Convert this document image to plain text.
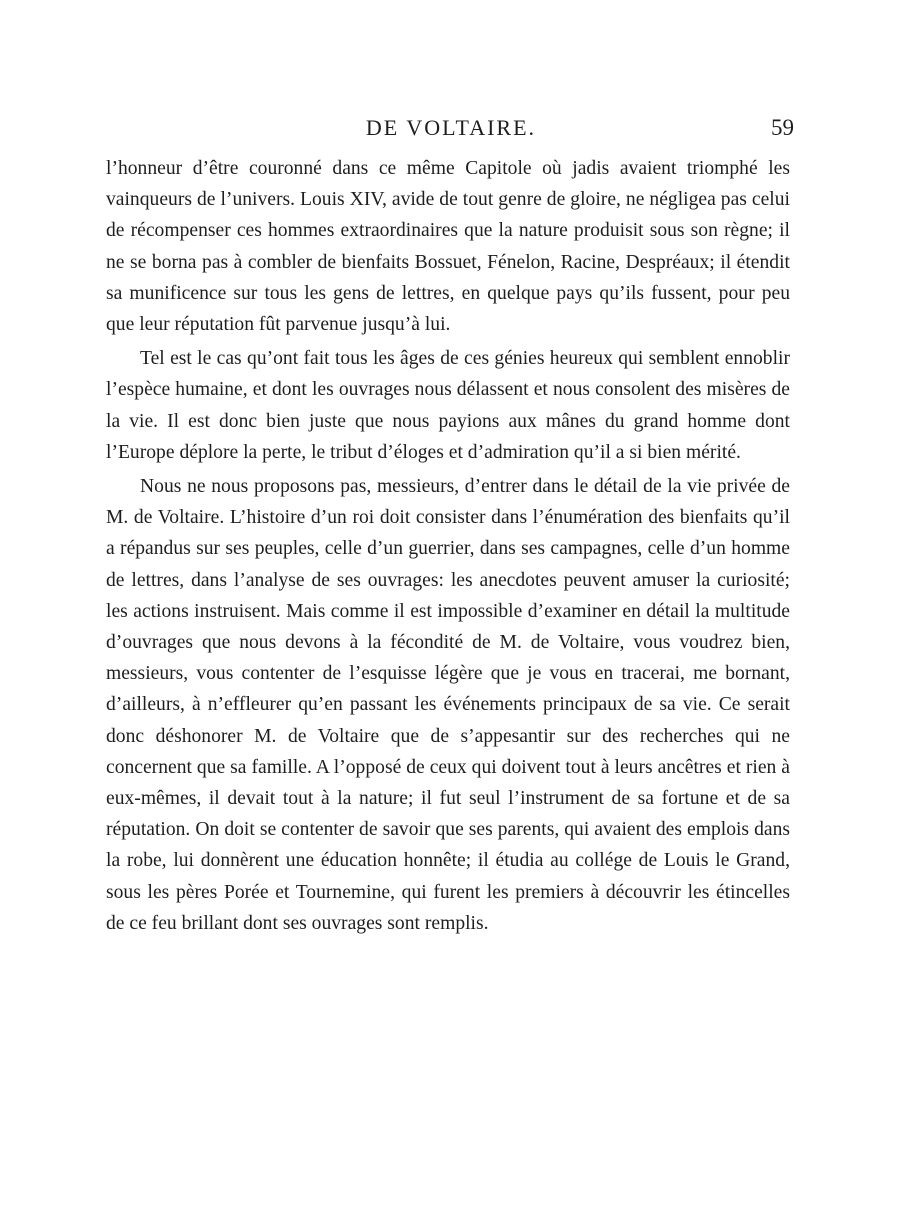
DE VOLTAIRE.	59

l’honneur d’être couronné dans ce même Capitole où jadis avaient triomphé les vainqueurs de l’univers. Louis XIV, avide de tout genre de gloire, ne négligea pas celui de récompenser ces hommes extraordinaires que la nature produisit sous son règne; il ne se borna pas à combler de bienfaits Bossuet, Fénelon, Racine, Despréaux; il étendit sa munificence sur tous les gens de lettres, en quelque pays qu’ils fussent, pour peu que leur réputation fût parvenue jusqu’à lui.

Tel est le cas qu’ont fait tous les âges de ces génies heureux qui semblent ennoblir l’espèce humaine, et dont les ouvrages nous délassent et nous consolent des misères de la vie. Il est donc bien juste que nous payions aux mânes du grand homme dont l’Europe déplore la perte, le tribut d’éloges et d’admiration qu’il a si bien mérité.

Nous ne nous proposons pas, messieurs, d’entrer dans le détail de la vie privée de M. de Voltaire. L’histoire d’un roi doit consister dans l’énumération des bienfaits qu’il a répandus sur ses peuples, celle d’un guerrier, dans ses campagnes, celle d’un homme de lettres, dans l’analyse de ses ouvrages: les anecdotes peuvent amuser la curiosité; les actions instruisent. Mais comme il est impossible d’examiner en détail la multitude d’ouvrages que nous devons à la fécondité de M. de Voltaire, vous voudrez bien, messieurs, vous contenter de l’esquisse légère que je vous en tracerai, me bornant, d’ailleurs, à n’effleurer qu’en passant les événements principaux de sa vie. Ce serait donc déshonorer M. de Voltaire que de s’appesantir sur des recherches qui ne concernent que sa famille. A l’opposé de ceux qui doivent tout à leurs ancêtres et rien à eux-mêmes, il devait tout à la nature; il fut seul l’instrument de sa fortune et de sa réputation. On doit se contenter de savoir que ses parents, qui avaient des emplois dans la robe, lui donnèrent une éducation honnête; il étudia au collége de Louis le Grand, sous les pères Porée et Tournemine, qui furent les premiers à découvrir les étincelles de ce feu brillant dont ses ouvrages sont remplis.
